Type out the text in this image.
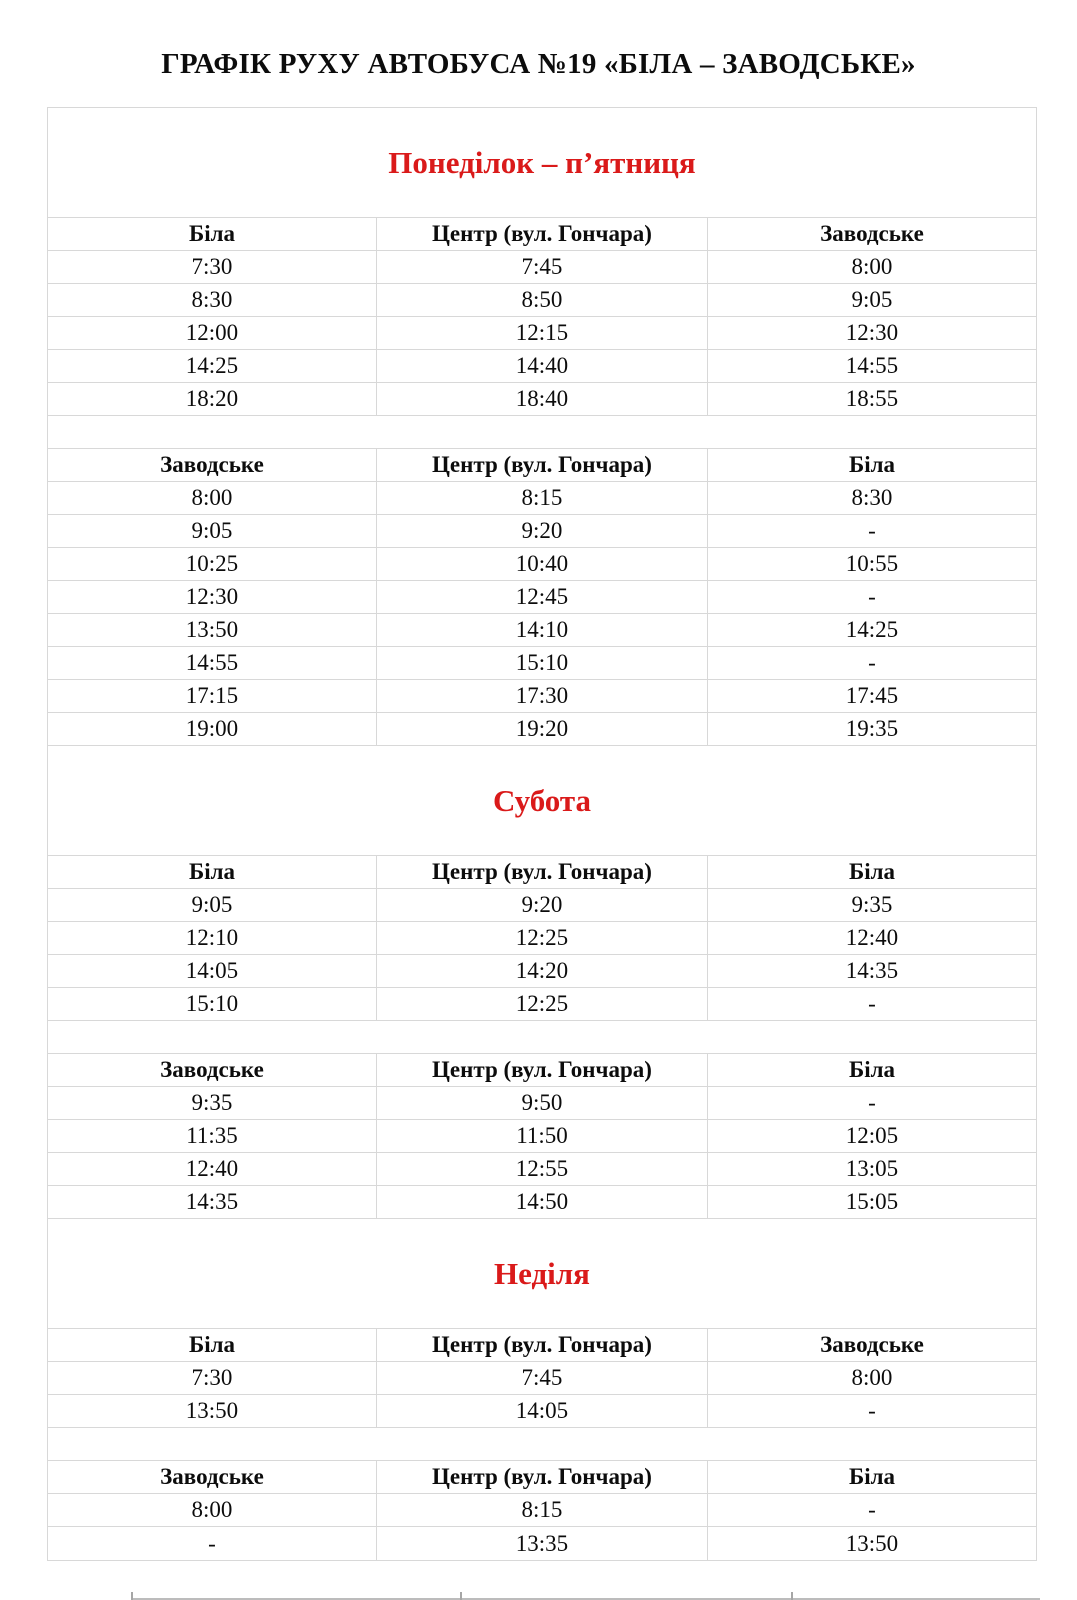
ГРАФІК РУХУ АВТОБУСА №19 «БІЛА – ЗАВОДСЬКЕ»
Понеділок – п’ятниця
Біла	Центр (вул. Гончара)	Заводське
7:30	7:45	8:00
8:30	8:50	9:05
12:00	12:15	12:30
14:25	14:40	14:55
18:20	18:40	18:55
Заводське	Центр (вул. Гончара)	Біла
8:00	8:15	8:30
9:05	9:20	-
10:25	10:40	10:55
12:30	12:45	-
13:50	14:10	14:25
14:55	15:10	-
17:15	17:30	17:45
19:00	19:20	19:35
Субота
Біла	Центр (вул. Гончара)	Біла
9:05	9:20	9:35
12:10	12:25	12:40
14:05	14:20	14:35
15:10	12:25	-
Заводське	Центр (вул. Гончара)	Біла
9:35	9:50	-
11:35	11:50	12:05
12:40	12:55	13:05
14:35	14:50	15:05
Неділя
Біла	Центр (вул. Гончара)	Заводське
7:30	7:45	8:00
13:50	14:05	-
Заводське	Центр (вул. Гончара)	Біла
8:00	8:15	-
-	13:35	13:50
